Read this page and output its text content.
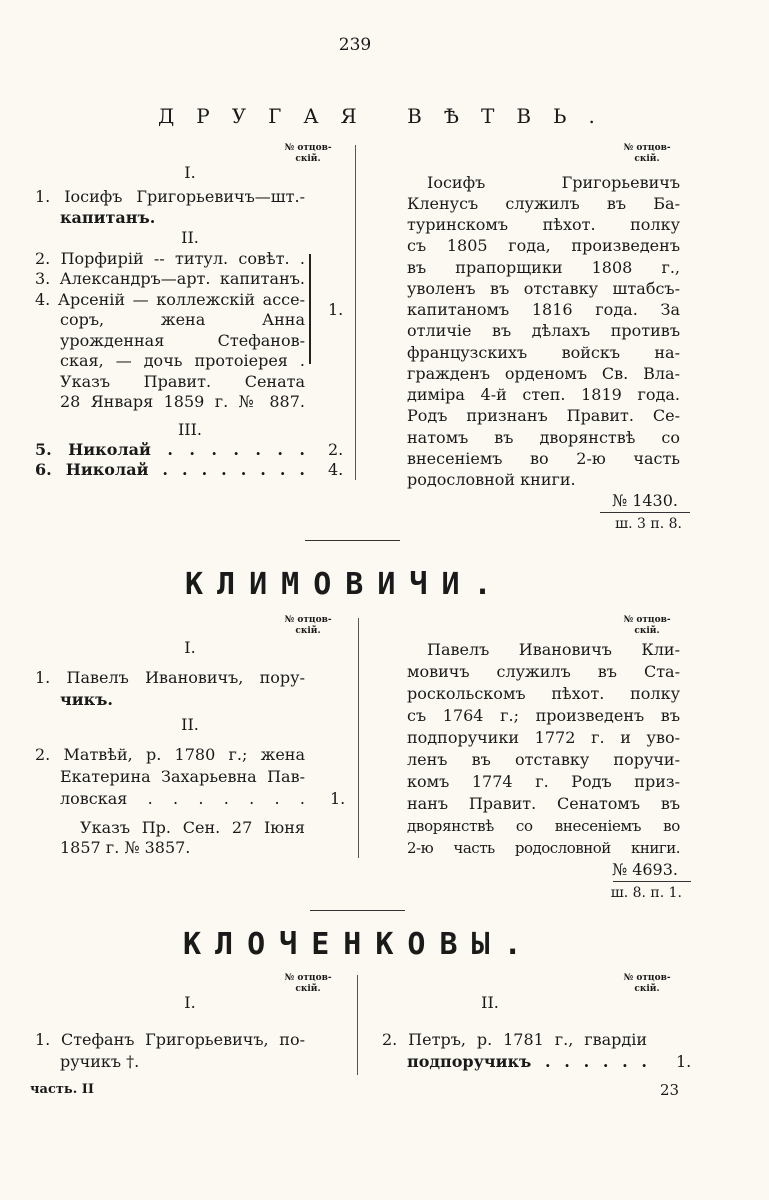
239
ДРУГАЯ ВѢТВЬ.
№ отцов-
скій.
I.
1. Іосифъ Григорьевичъ—шт.-
капитанъ.
II.
2. Порфирій -- титул. совѣт. .
3. Александръ—арт. капитанъ.
4. Арсеній — коллежскій ассе-
соръ, жена Анна
урожденная Стефанов-
ская, — дочь протоіерея .
1.
Указъ Правит. Сената
28 Января 1859 г. № 887.
III.
5. Николай . . . . . . . 2.
6. Николай . . . . . . . . 4.
№ отцов-
скій.
Іосифъ Григорьевичъ
Кленусъ служилъ въ Ба-
туринскомъ пѣхот. полку
съ 1805 года, произведенъ
въ прапорщики 1808 г.,
уволенъ въ отставку штабсъ-
капитаномъ 1816 года. За
отличіе въ дѣлахъ противъ
французскихъ войскъ на-
гражденъ орденомъ Св. Вла-
диміра 4-й степ. 1819 года.
Родъ признанъ Правит. Се-
натомъ въ дворянствѣ со
внесеніемъ во 2-ю часть
родословной книги.
№ 1430.
ш. 3 п. 8.
КЛИМОВИЧИ.
№ отцов-
скій.
I.
1. Павелъ Ивановичъ, пору-
чикъ.
II.
2. Матвѣй, р. 1780 г.; жена
Екатерина Захарьевна Пав-
ловская . . . . . . . 1.
Указъ Пр. Сен. 27 Іюня
1857 г. № 3857.
№ отцов-
скій.
Павелъ Ивановичъ Кли-
мовичъ служилъ въ Ста-
роскольскомъ пѣхот. полку
съ 1764 г.; произведенъ въ
подпоручики 1772 г. и уво-
ленъ въ отставку поручи-
комъ 1774 г. Родъ приз-
нанъ Правит. Сенатомъ въ
дворянствѣ со внесеніемъ во
2-ю часть родословной книги.
№ 4693.
ш. 8. п. 1.
КЛОЧЕНКОВЫ.
№ отцов-
скій.
I.
1. Стефанъ Григорьевичъ, по-
ручикъ †.
№ отцов-
скій.
II.
2. Петръ, р. 1781 г., гвардіи
подпоручикъ . . . . . . 1.
часть. II	23
